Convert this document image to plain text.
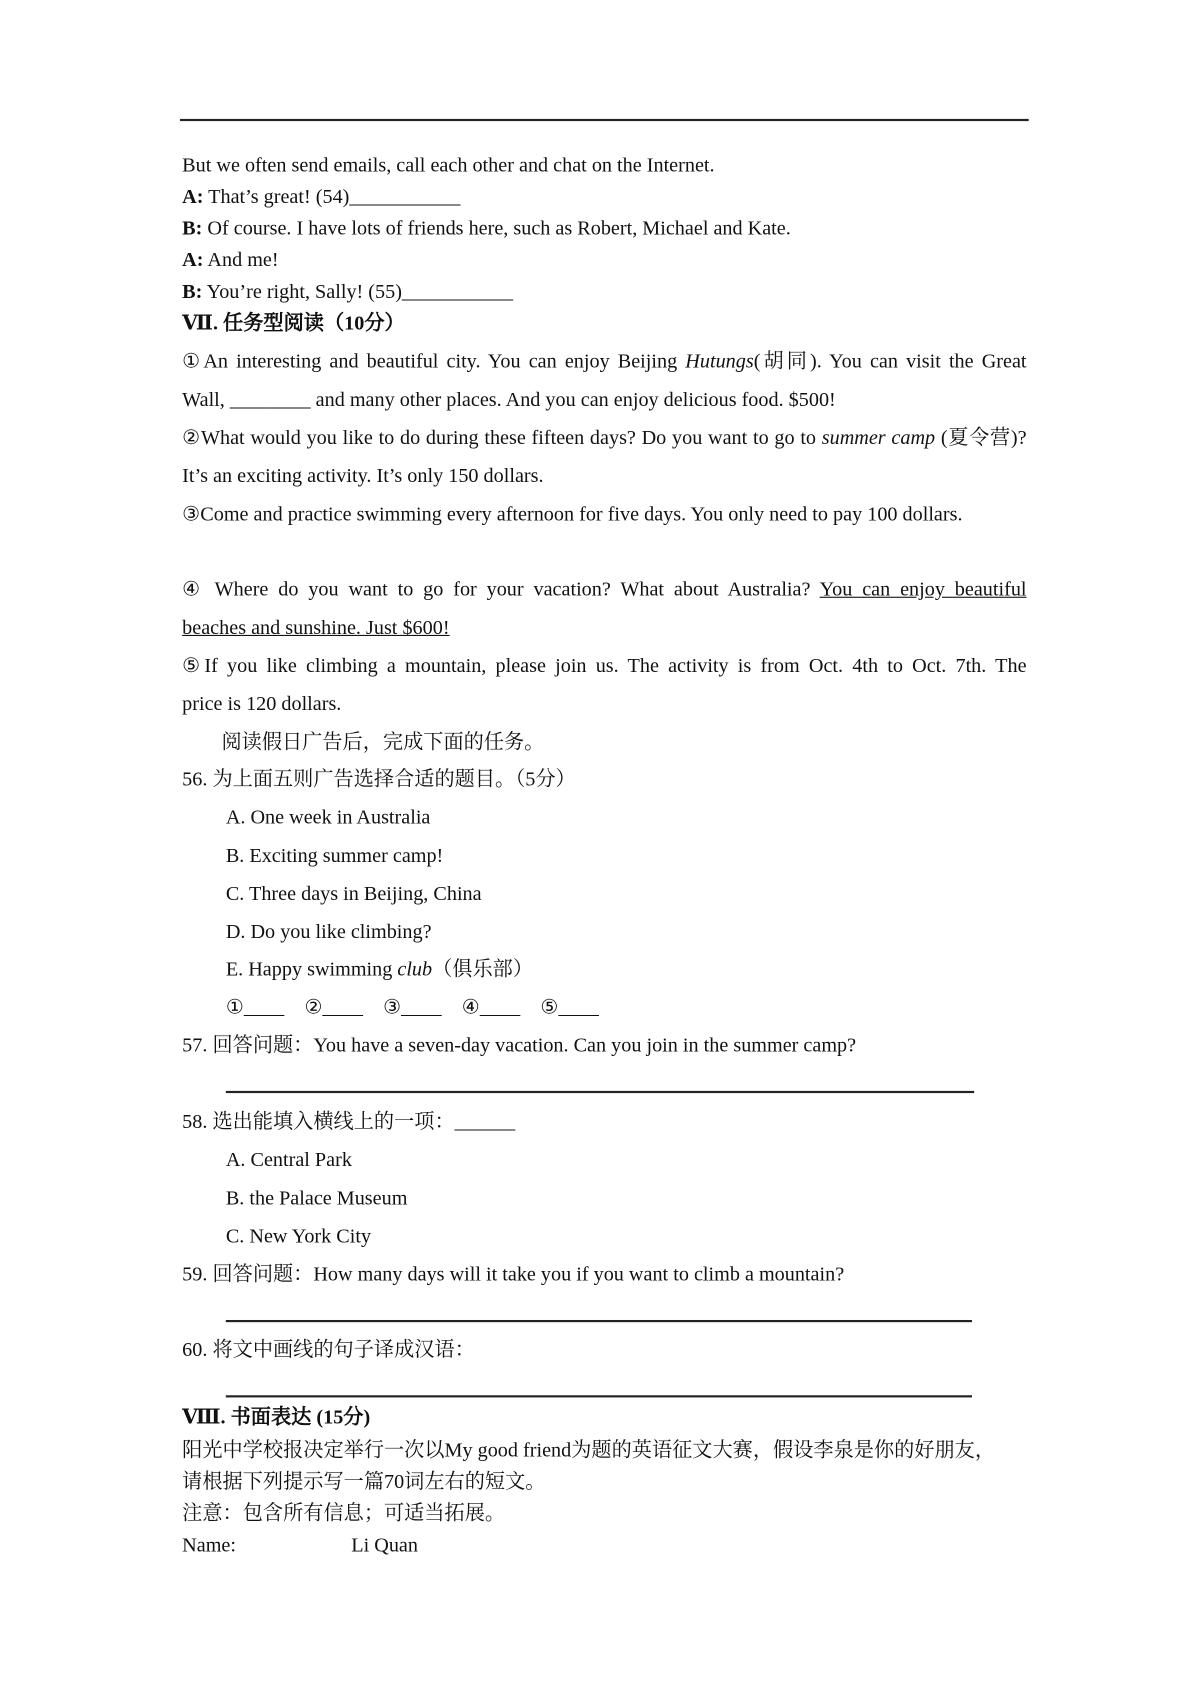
But we often send emails, call each other and chat on the Internet.
A: That’s great! (54)___________
B: Of course. I have lots of friends here, such as Robert, Michael and Kate.
A: And me!
B: You’re right, Sally! (55)___________
Ⅶ. 任务型阅读（10分）
①An interesting and beautiful city. You can enjoy Beijing Hutungs(胡同). You can visit the Great
Wall, ________ and many other places. And you can enjoy delicious food. $500!
②What would you like to do during these fifteen days? Do you want to go to summer camp (夏令营)?
It’s an exciting activity. It’s only 150 dollars.
③Come and practice swimming every afternoon for five days. You only need to pay 100 dollars.
④ Where do you want to go for your vacation? What about Australia? You can enjoy beautiful
beaches and sunshine. Just $600!
⑤If you like climbing a mountain, please join us. The activity is from Oct. 4th to Oct. 7th. The
price is 120 dollars.
阅读假日广告后，完成下面的任务。
56. 为上面五则广告选择合适的题目。（5分）
A. One week in Australia
B. Exciting summer camp!
C. Three days in Beijing, China
D. Do you like climbing?
E. Happy swimming club（俱乐部）
①____　②____　③____　④____　⑤____
57. 回答问题：You have a seven-day vacation. Can you join in the summer camp?
58. 选出能填入横线上的一项：______
A. Central Park
B. the Palace Museum
C. New York City
59. 回答问题：How many days will it take you if you want to climb a mountain?
60. 将文中画线的句子译成汉语：
Ⅷ. 书面表达 (15分)
阳光中学校报决定举行一次以My good friend为题的英语征文大赛，假设李泉是你的好朋友，
请根据下列提示写一篇70词左右的短文。
注意：包含所有信息；可适当拓展。
Name:	Li Quan
